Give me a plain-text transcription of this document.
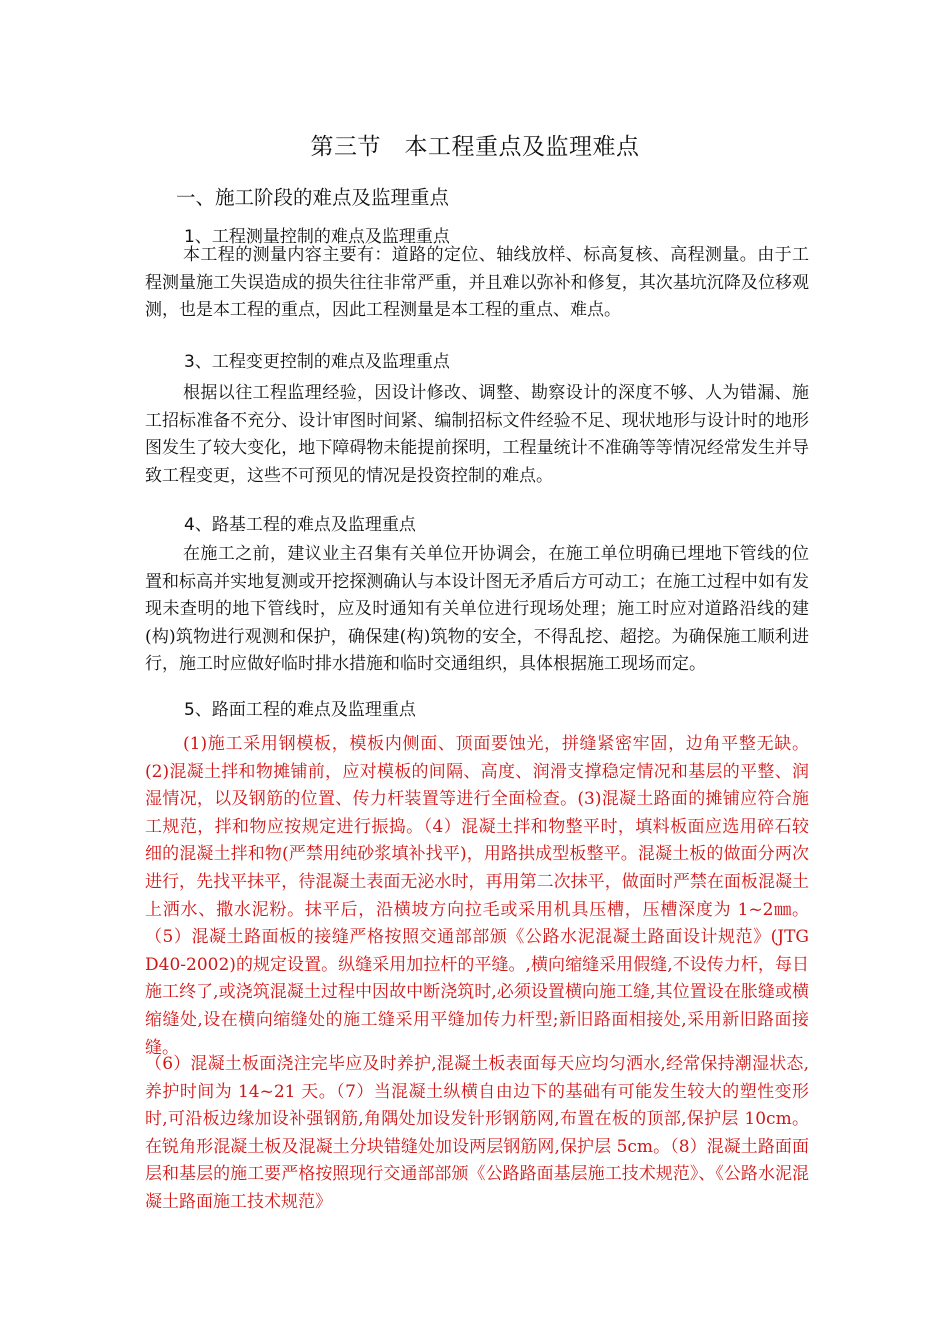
第三节　本工程重点及监理难点
一、施工阶段的难点及监理重点
1、工程测量控制的难点及监理重点

本工程的测量内容主要有：道路的定位、轴线放样、标高复核、高程测量。由于工程测量施工失误造成的损失往往非常严重，并且难以弥补和修复，其次基坑沉降及位移观测，也是本工程的重点，因此工程测量是本工程的重点、难点。

3、工程变更控制的难点及监理重点

根据以往工程监理经验，因设计修改、调整、勘察设计的深度不够、人为错漏、施工招标准备不充分、设计审图时间紧、编制招标文件经验不足、现状地形与设计时的地形图发生了较大变化，地下障碍物未能提前探明，工程量统计不准确等等情况经常发生并导致工程变更，这些不可预见的情况是投资控制的难点。

4、路基工程的难点及监理重点

在施工之前，建议业主召集有关单位开协调会，在施工单位明确已埋地下管线的位置和标高并实地复测或开挖探测确认与本设计图无矛盾后方可动工；在施工过程中如有发现未查明的地下管线时，应及时通知有关单位进行现场处理；施工时应对道路沿线的建(构)筑物进行观测和保护，确保建(构)筑物的安全，不得乱挖、超挖。为确保施工顺利进行，施工时应做好临时排水措施和临时交通组织，具体根据施工现场而定。

5、路面工程的难点及监理重点

(1)施工采用钢模板，模板内侧面、顶面要蚀光，拼缝紧密牢固，边角平整无缺。(2)混凝土拌和物摊铺前，应对模板的间隔、高度、润滑支撑稳定情况和基层的平整、润湿情况，以及钢筋的位置、传力杆装置等进行全面检查。(3)混凝土路面的摊铺应符合施工规范，拌和物应按规定进行振捣。（4）混凝土拌和物整平时，填料板面应选用碎石较细的混凝土拌和物(严禁用纯砂浆填补找平)，用路拱成型板整平。混凝土板的做面分两次进行，先找平抹平，待混凝土表面无泌水时，再用第二次抹平，做面时严禁在面板混凝土上洒水、撒水泥粉。抹平后，沿横坡方向拉毛或采用机具压槽，压槽深度为 1~2㎜。（5）混凝土路面板的接缝严格按照交通部部颁《公路水泥混凝土路面设计规范》(JTG D40-2002)的规定设置。纵缝采用加拉杆的平缝。,横向缩缝采用假缝,不设传力杆，每日施工终了,或浇筑混凝土过程中因故中断浇筑时,必须设置横向施工缝,其位置设在胀缝或横缩缝处,设在横向缩缝处的施工缝采用平缝加传力杆型;新旧路面相接处,采用新旧路面接缝。

（6）混凝土板面浇注完毕应及时养护,混凝土板表面每天应均匀洒水,经常保持潮湿状态,养护时间为 14~21 天。（7）当混凝土纵横自由边下的基础有可能发生较大的塑性变形时,可沿板边缘加设补强钢筋,角隅处加设发针形钢筋网,布置在板的顶部,保护层 10cm。在锐角形混凝土板及混凝土分块错缝处加设两层钢筋网,保护层 5cm。（8）混凝土路面面层和基层的施工要严格按照现行交通部部颁《公路路面基层施工技术规范》、《公路水泥混凝土路面施工技术规范》
